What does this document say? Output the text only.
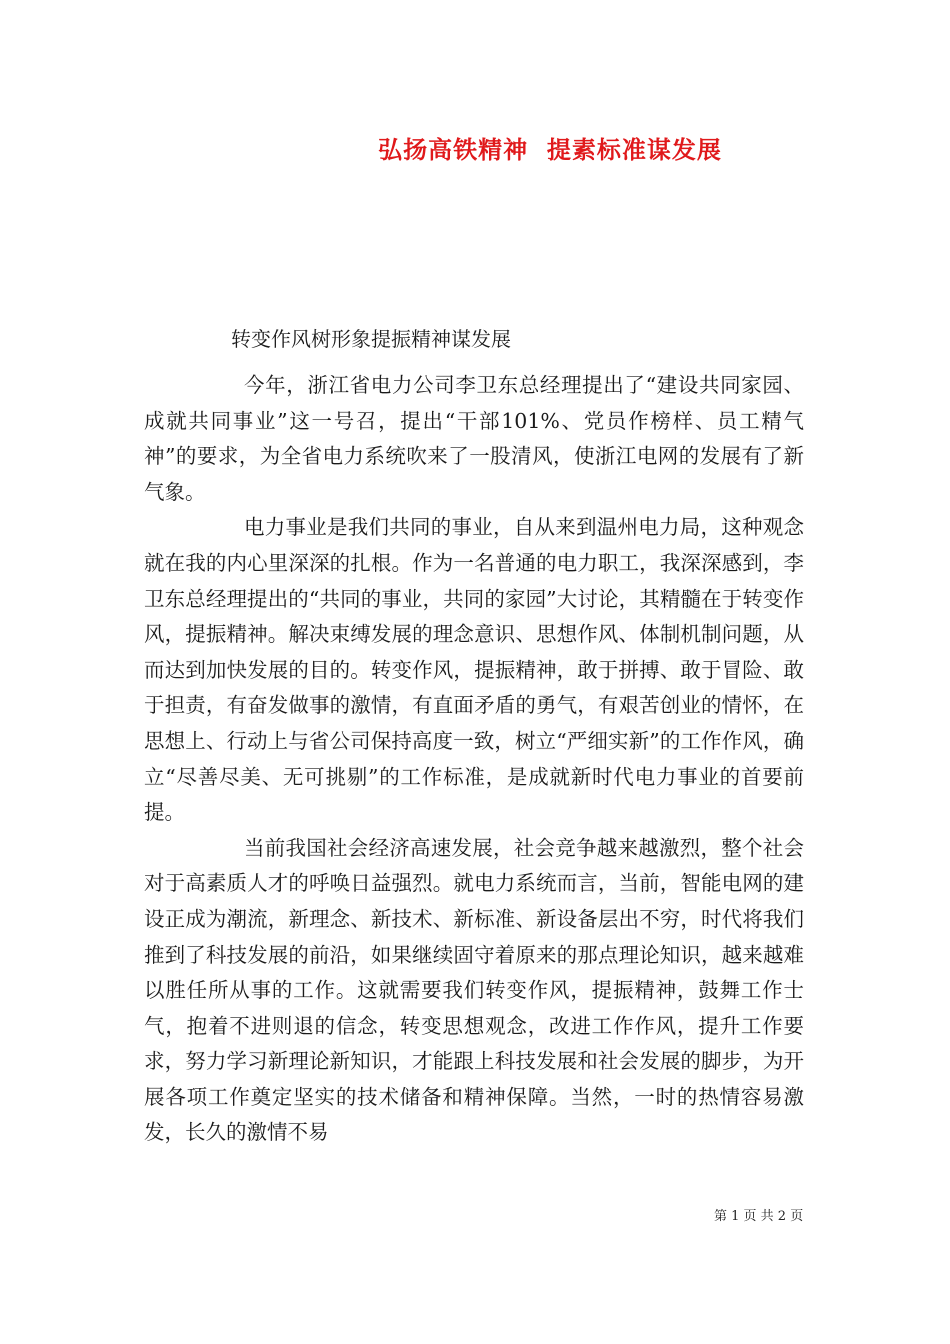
弘扬高铁精神  提素标准谋发展
转变作风树形象提振精神谋发展

今年，浙江省电力公司李卫东总经理提出了“建设共同家园、成就共同事业”这一号召，提出“干部101%、党员作榜样、员工精气神”的要求，为全省电力系统吹来了一股清风，使浙江电网的发展有了新气象。

电力事业是我们共同的事业，自从来到温州电力局，这种观念就在我的内心里深深的扎根。作为一名普通的电力职工，我深深感到，李卫东总经理提出的“共同的事业，共同的家园”大讨论，其精髓在于转变作风，提振精神。解决束缚发展的理念意识、思想作风、体制机制问题，从而达到加快发展的目的。转变作风，提振精神，敢于拼搏、敢于冒险、敢于担责，有奋发做事的激情，有直面矛盾的勇气，有艰苦创业的情怀，在思想上、行动上与省公司保持高度一致，树立“严细实新”的工作作风，确立“尽善尽美、无可挑剔”的工作标准，是成就新时代电力事业的首要前提。

当前我国社会经济高速发展，社会竞争越来越激烈，整个社会对于高素质人才的呼唤日益强烈。就电力系统而言，当前，智能电网的建设正成为潮流，新理念、新技术、新标准、新设备层出不穷，时代将我们推到了科技发展的前沿，如果继续固守着原来的那点理论知识，越来越难以胜任所从事的工作。这就需要我们转变作风，提振精神，鼓舞工作士气，抱着不进则退的信念，转变思想观念，改进工作作风，提升工作要求，努力学习新理论新知识，才能跟上科技发展和社会发展的脚步，为开展各项工作奠定坚实的技术储备和精神保障。当然，一时的热情容易激发，长久的激情不易

第 1 页 共 2 页
